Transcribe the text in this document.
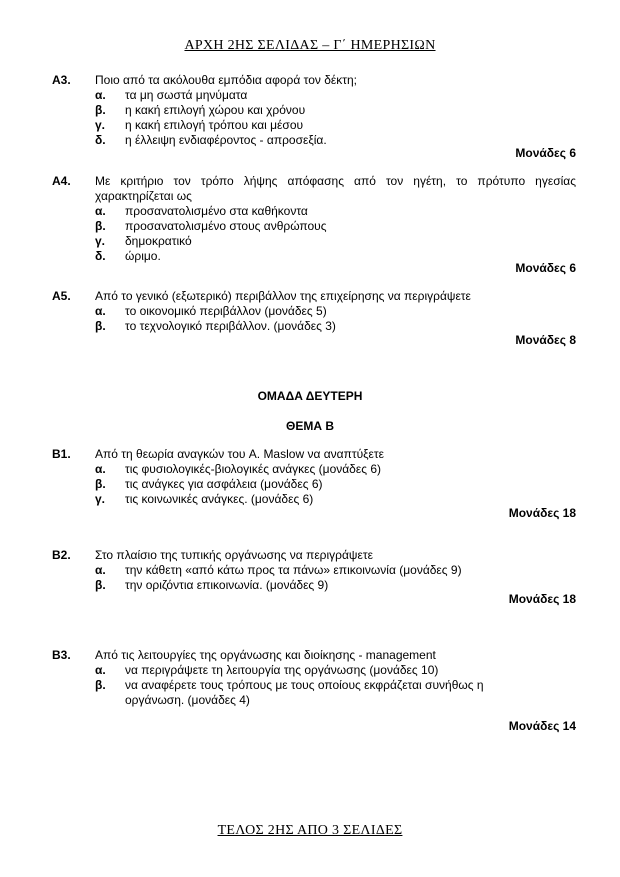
ΑΡΧΗ 2ΗΣ ΣΕΛΙΔΑΣ – Γ΄ ΗΜΕΡΗΣΙΩΝ
Α3. Ποιο από τα ακόλουθα εμπόδια αφορά τον δέκτη;
α. τα μη σωστά μηνύματα
β. η κακή επιλογή χώρου και χρόνου
γ. η κακή επιλογή τρόπου και μέσου
δ. η έλλειψη ενδιαφέροντος - απροσεξία.
Μονάδες 6
Α4. Με κριτήριο τον τρόπο λήψης απόφασης από τον ηγέτη, το πρότυπο ηγεσίας
χαρακτηρίζεται ως
α. προσανατολισμένο στα καθήκοντα
β. προσανατολισμένο στους ανθρώπους
γ. δημοκρατικό
δ. ώριμο.
Μονάδες 6
Α5. Από το γενικό (εξωτερικό) περιβάλλον της επιχείρησης να περιγράψετε
α. το οικονομικό περιβάλλον (μονάδες 5)
β. το τεχνολογικό περιβάλλον. (μονάδες 3)
Μονάδες 8
ΟΜΑΔΑ ΔΕΥΤΕΡΗ
ΘΕΜΑ Β
Β1. Από τη θεωρία αναγκών του A. Maslow να αναπτύξετε
α. τις φυσιολογικές-βιολογικές ανάγκες (μονάδες 6)
β. τις ανάγκες για ασφάλεια (μονάδες 6)
γ. τις κοινωνικές ανάγκες. (μονάδες 6)
Μονάδες 18
Β2. Στο πλαίσιο της τυπικής οργάνωσης να περιγράψετε
α. την κάθετη «από κάτω προς τα πάνω» επικοινωνία (μονάδες 9)
β. την οριζόντια επικοινωνία. (μονάδες 9)
Μονάδες 18
Β3. Από τις λειτουργίες της οργάνωσης και διοίκησης - management
α. να περιγράψετε τη λειτουργία της οργάνωσης (μονάδες 10)
β. να αναφέρετε τους τρόπους με τους οποίους εκφράζεται συνήθως η
οργάνωση. (μονάδες 4)
Μονάδες 14
ΤΕΛΟΣ 2ΗΣ ΑΠΟ 3 ΣΕΛΙΔΕΣ
